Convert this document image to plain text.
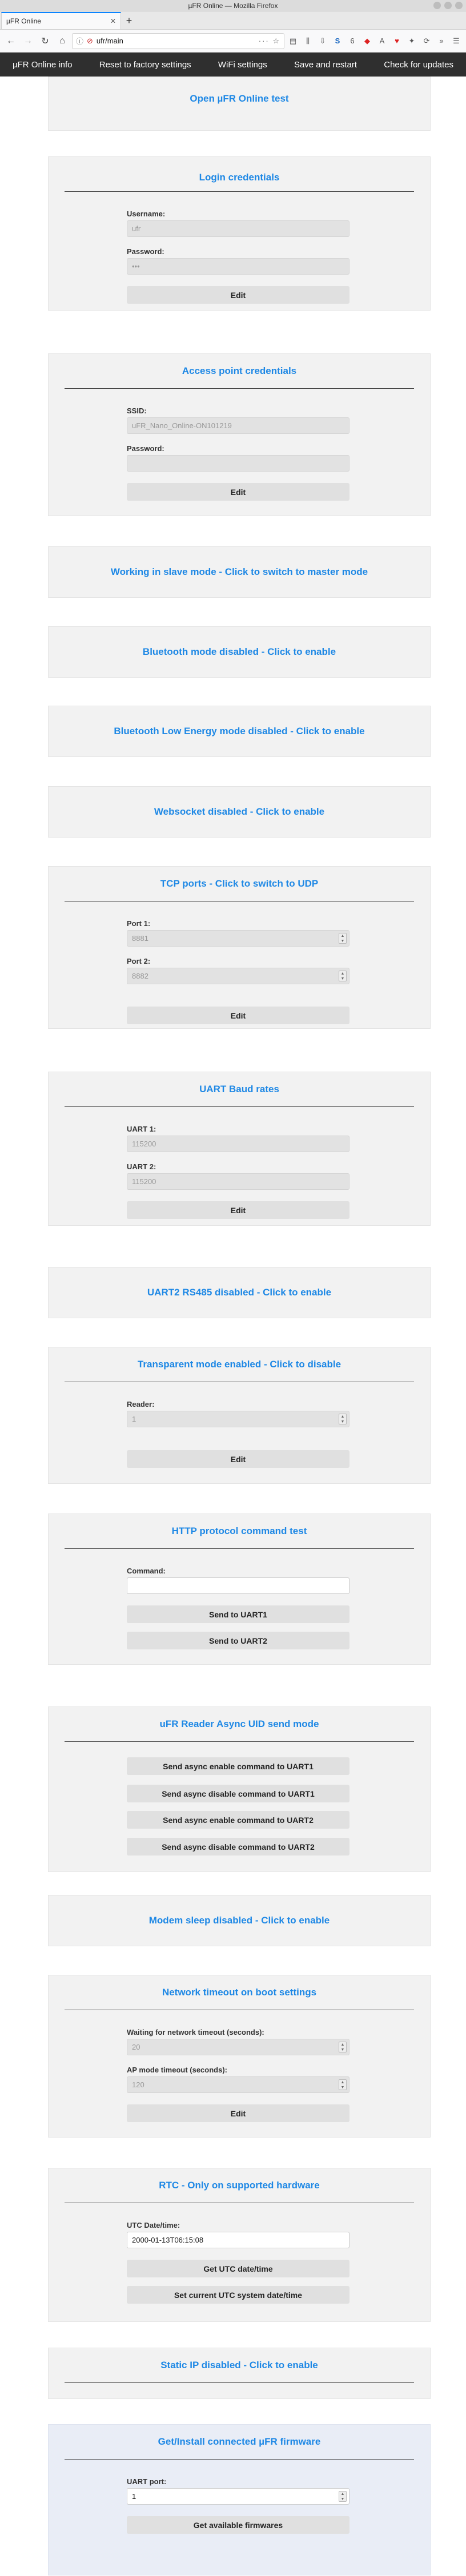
µFR Online — Mozilla Firefox
µFR Online	✕ +
← → ↻	⌂	ⓘ ⊘ ufr/main	··· ☆	▤	⫼	⇩	S	6	◆	A	♥	✦	⟳	»	☰
µFR Online info	Reset to factory settings	WiFi settings	Save and restart	Check for updates
Open µFR Online test
Login credentials
Username:
ufr
Password:
•••
Edit
Access point credentials
SSID:
uFR_Nano_Online-ON101219
Password:
Edit
Working in slave mode - Click to switch to master mode
Bluetooth mode disabled - Click to enable
Bluetooth Low Energy mode disabled - Click to enable
Websocket disabled - Click to enable
TCP ports - Click to switch to UDP
Port 1:
8881	▲
▼
Port 2:
8882	▲
▼
Edit
UART Baud rates
UART 1:
115200
UART 2:
115200
Edit
UART2 RS485 disabled - Click to enable
Transparent mode enabled - Click to disable
Reader:
1	▲
▼
Edit
HTTP protocol command test
Command:
Send to UART1
Send to UART2
uFR Reader Async UID send mode
Send async enable command to UART1
Send async disable command to UART1
Send async enable command to UART2
Send async disable command to UART2
Modem sleep disabled - Click to enable
Network timeout on boot settings
Waiting for network timeout (seconds):
20	▲
▼
AP mode timeout (seconds):
120	▲
▼
Edit
RTC - Only on supported hardware
UTC Date/time:
2000-01-13T06:15:08
Get UTC date/time
Set current UTC system date/time
Static IP disabled - Click to enable
Get/Install connected µFR firmware
UART port:
1	▲
▼
Get available firmwares
